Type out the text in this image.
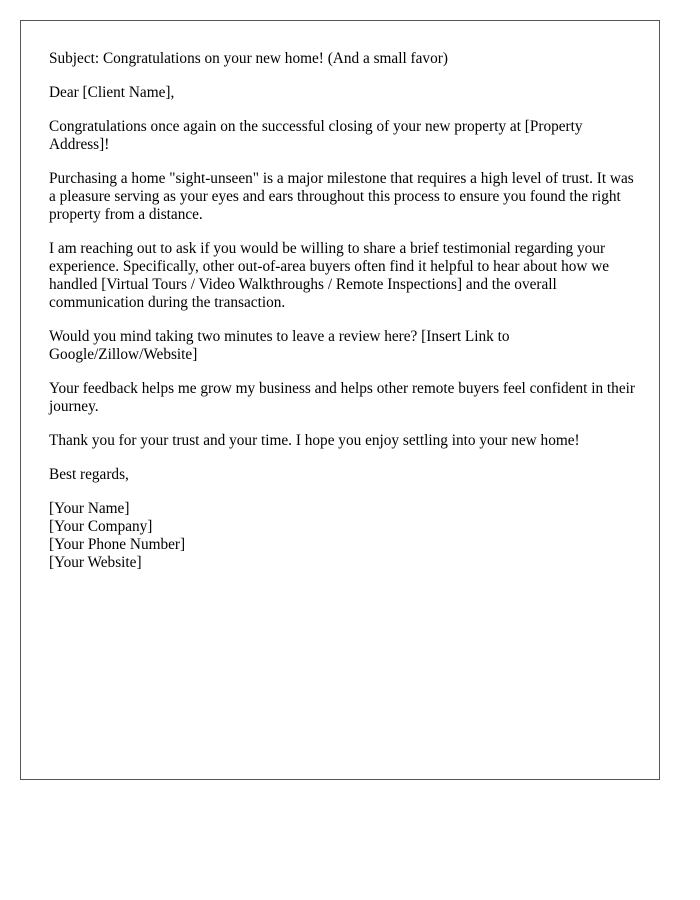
Subject: Congratulations on your new home! (And a small favor)

Dear [Client Name],

Congratulations once again on the successful closing of your new property at [Property Address]!

Purchasing a home "sight-unseen" is a major milestone that requires a high level of trust. It was a pleasure serving as your eyes and ears throughout this process to ensure you found the right property from a distance.

I am reaching out to ask if you would be willing to share a brief testimonial regarding your experience. Specifically, other out-of-area buyers often find it helpful to hear about how we handled [Virtual Tours / Video Walkthroughs / Remote Inspections] and the overall communication during the transaction.

Would you mind taking two minutes to leave a review here? [Insert Link to Google/Zillow/Website]

Your feedback helps me grow my business and helps other remote buyers feel confident in their journey.

Thank you for your trust and your time. I hope you enjoy settling into your new home!

Best regards,

[Your Name]

[Your Company]

[Your Phone Number]

[Your Website]
